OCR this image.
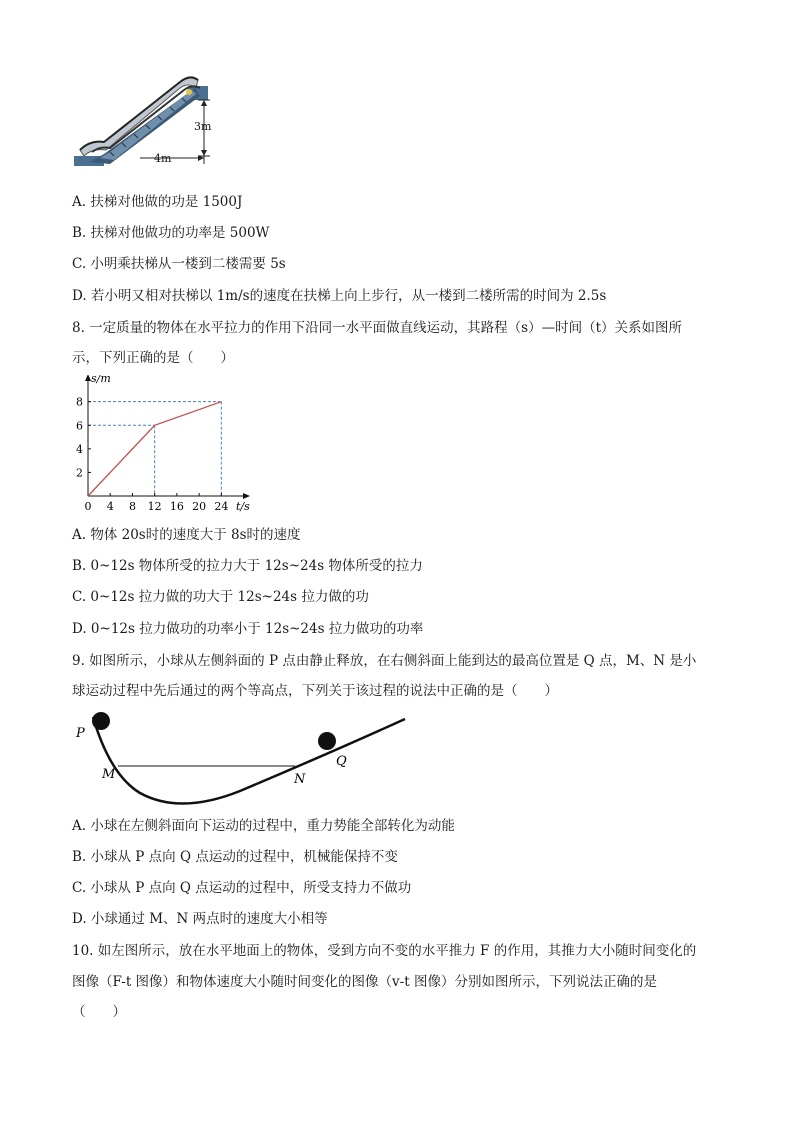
3m
4m
A. 扶梯对他做的功是 1500J
B. 扶梯对他做功的功率是 500W
C. 小明乘扶梯从一楼到二楼需要 5s
D. 若小明又相对扶梯以 1m/s的速度在扶梯上向上步行，从一楼到二楼所需的时间为 2.5s
8. 一定质量的物体在水平拉力的作用下沿同一水平面做直线运动，其路程（s）—时间（t）关系如图所
示，下列正确的是（　　）
s/m
t/s
0 4 8 12 16 20 24
2
4
6
8
A. 物体 20s时的速度大于 8s时的速度
B. 0~12s 物体所受的拉力大于 12s~24s 物体所受的拉力
C. 0~12s 拉力做的功大于 12s~24s 拉力做的功
D. 0~12s 拉力做功的功率小于 12s~24s 拉力做功的功率
9. 如图所示，小球从左侧斜面的 P 点由静止释放，在右侧斜面上能到达的最高位置是 Q 点，M、N 是小
球运动过程中先后通过的两个等高点，下列关于该过程的说法中正确的是（　　）
P
M	N
Q
A. 小球在左侧斜面向下运动的过程中，重力势能全部转化为动能
B. 小球从 P 点向 Q 点运动的过程中，机械能保持不变
C. 小球从 P 点向 Q 点运动的过程中，所受支持力不做功
D. 小球通过 M、N 两点时的速度大小相等
10. 如左图所示，放在水平地面上的物体，受到方向不变的水平推力 F 的作用，其推力大小随时间变化的
图像（F-t 图像）和物体速度大小随时间变化的图像（v-t 图像）分别如图所示，下列说法正确的是
（　　）
